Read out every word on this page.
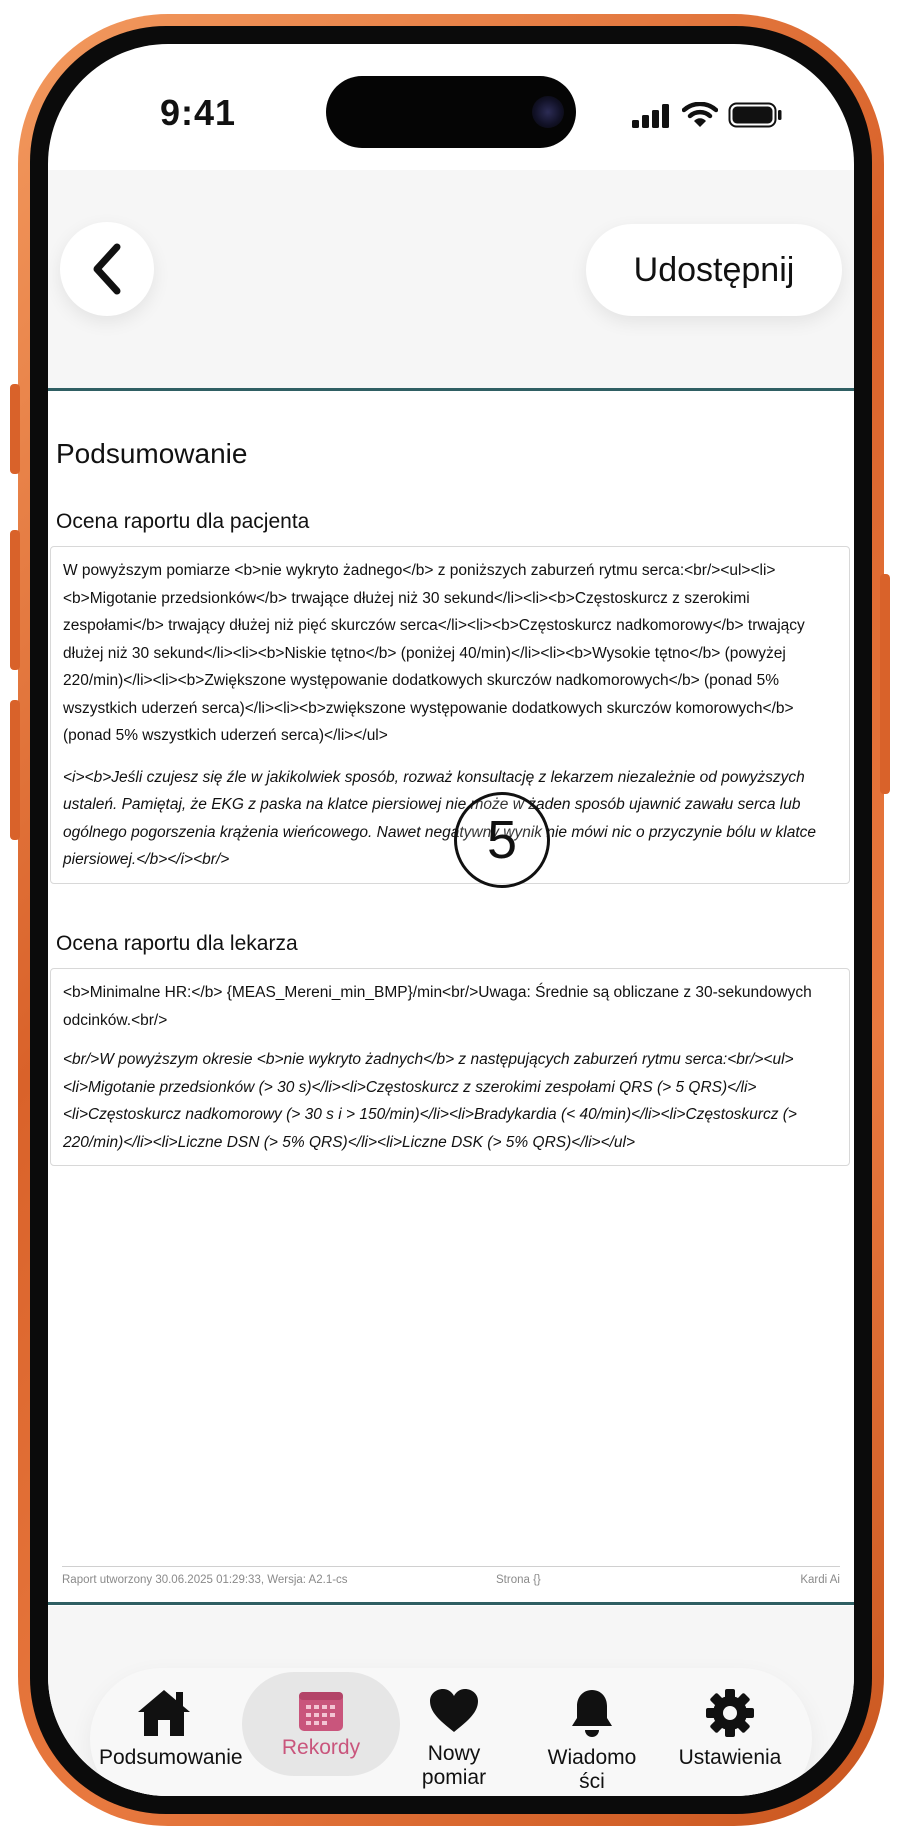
9:41
Udostępnij
Podsumowanie
Ocena raportu dla pacjenta

W powyższym pomiarze <b>nie wykryto żadnego</b> z poniższych zaburzeń rytmu serca:<br/><ul><li><b>Migotanie przedsionków</b> trwające dłużej niż 30 sekund</li><li><b>Częstoskurcz z szerokimi zespołami</b> trwający dłużej niż pięć skurczów serca</li><li><b>Częstoskurcz nadkomorowy</b> trwający dłużej niż 30 sekund</li><li><b>Niskie tętno</b> (poniżej 40/min)</li><li><b>Wysokie tętno</b> (powyżej 220/min)</li><li><b>Zwiększone występowanie dodatkowych skurczów nadkomorowych</b> (ponad 5% wszystkich uderzeń serca)</li><li><b>zwiększone występowanie dodatkowych skurczów komorowych</b> (ponad 5% wszystkich uderzeń serca)</li></ul>

<i><b>Jeśli czujesz się źle w jakikolwiek sposób, rozważ konsultację z lekarzem niezależnie od powyższych ustaleń. Pamiętaj, że EKG z paska na klatce piersiowej nie może w żaden sposób ujawnić zawału serca lub ogólnego pogorszenia krążenia wieńcowego. Nawet negatywny wynik nie mówi nic o przyczynie bólu w klatce piersiowej.</b></i><br/>

Ocena raportu dla lekarza

<b>Minimalne HR:</b> {MEAS_Mereni_min_BMP}/min<br/>Uwaga: Średnie są obliczane z 30-sekundowych odcinków.<br/>

<br/>W powyższym okresie <b>nie wykryto żadnych</b> z następujących zaburzeń rytmu serca:<br/><ul><li>Migotanie przedsionków (> 30 s)</li><li>Częstoskurcz z szerokimi zespołami QRS (> 5 QRS)</li><li>Częstoskurcz nadkomorowy (> 30 s i > 150/min)</li><li>Bradykardia (< 40/min)</li><li>Częstoskurcz (> 220/min)</li><li>Liczne DSN (> 5% QRS)</li><li>Liczne DSK (> 5% QRS)</li></ul>

5
Raport utworzony 30.06.2025 01:29:33, Wersja: A2.1-cs	Strona {}	Kardi Ai
Podsumowanie	Rekordy	Nowy pomiar
Wiadomości
Ustawienia
